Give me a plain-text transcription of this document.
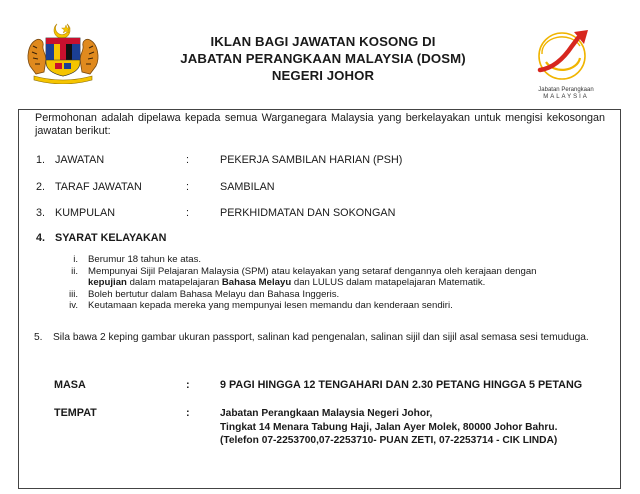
IKLAN BAGI JAWATAN KOSONG DI
JABATAN PERANGKAAN MALAYSIA (DOSM)
NEGERI JOHOR
Jabatan Perangkaan
MALAYSIA
Permohonan adalah dipelawa kepada semua Warganegara Malaysia yang berkelayakan untuk mengisi kekosongan jawatan berikut:
1. JAWATAN	:	PEKERJA SAMBILAN HARIAN (PSH)
2. TARAF JAWATAN	:	SAMBILAN
3. KUMPULAN	:	PERKHIDMATAN DAN SOKONGAN
4. SYARAT KELAYAKAN
i. Berumur 18 tahun ke atas.
ii. Mempunyai Sijil Pelajaran Malaysia (SPM) atau kelayakan yang setaraf dengannya oleh kerajaan dengan
kepujian dalam matapelajaran Bahasa Melayu dan LULUS dalam matapelajaran Matematik.
iii. Boleh bertutur dalam Bahasa Melayu dan Bahasa Inggeris.
iv. Keutamaan kepada mereka yang mempunyai lesen memandu dan kenderaan sendiri.
5.	Sila bawa 2 keping gambar ukuran passport, salinan kad pengenalan, salinan sijil dan sijil asal semasa sesi temuduga.
MASA	:	9 PAGI HINGGA 12 TENGAHARI DAN 2.30 PETANG HINGGA 5 PETANG
TEMPAT	:	Jabatan Perangkaan Malaysia Negeri Johor,
Tingkat 14 Menara Tabung Haji, Jalan Ayer Molek, 80000 Johor Bahru.
(Telefon 07-2253700,07-2253710- PUAN ZETI, 07-2253714 - CIK LINDA)
